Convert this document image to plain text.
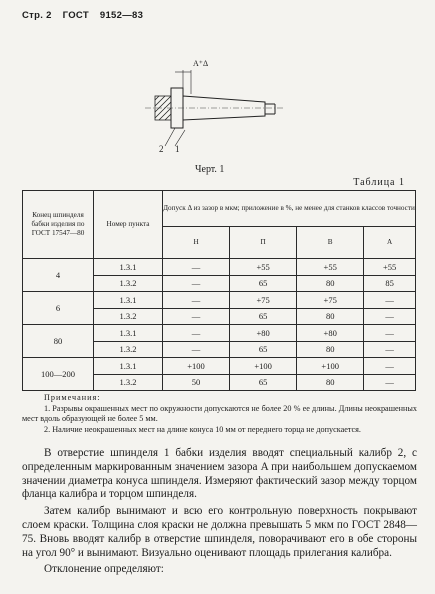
Стр. 2 ГОСТ 9152—83
A⁺Δ
2 1
Черт. 1
Таблица 1
Конец шпинделя бабки изделия по ГОСТ 17547—80	Номер пункта	Допуск Δ из зазор в мкм; приложение в %, не менее для станков классов точности			
		Н	П	В	А
4	1.3.1	—	+55	+55	+55
	1.3.2	—	65	80	85
6	1.3.1	—	+75	+75	—
	1.3.2	—	65	80	—
80	1.3.1	—	+80	+80	—
	1.3.2	—	65	80	—
100—200	1.3.1	+100	+100	+100	—
	1.3.2	50	65	80	—
Примечания:

1. Разрывы окрашенных мест по окружности допускаются не более 20 % ее длины. Длины неокрашенных мест вдоль образующей не более 5 мм.

2. Наличие неокрашенных мест на длине конуса 10 мм от переднего торца не допускается.

В отверстие шпинделя 1 бабки изделия вводят специальный калибр 2, с определенным маркированным значением зазора A при наибольшем допускаемом значении диаметра конуса шпинделя. Измеряют фактический зазор между торцом фланца калибра и торцом шпинделя.

Затем калибр вынимают и всю его контрольную поверхность покрывают слоем краски. Толщина слоя краски не должна превышать 5 мкм по ГОСТ 2848—75. Вновь вводят калибр в отверстие шпинделя, поворачивают его в обе стороны на угол 90° и вынимают. Визуально оценивают площадь прилегания калибра.

Отклонение определяют:
